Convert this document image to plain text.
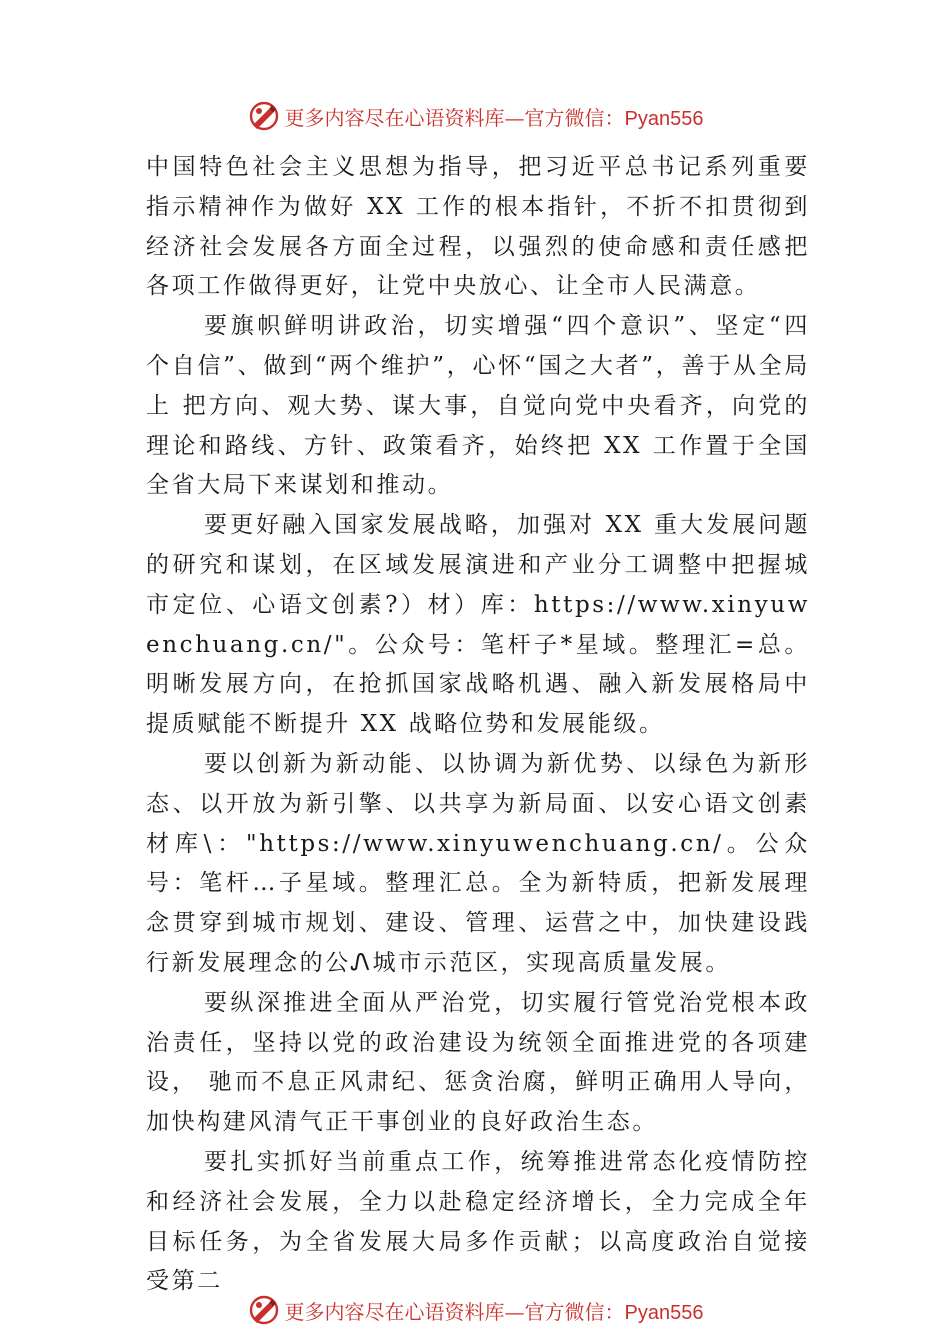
更多内容尽在心语资料库—官方微信：Pyan556

中国特色社会主义思想为指导，把习近平总书记系列重要指示精神作为做好 XX 工作的根本指针，不折不扣贯彻到经济社会发展各方面全过程，以强烈的使命感和责任感把各项工作做得更好，让党中央放心、让全市人民满意。

要旗帜鲜明讲政治，切实增强“四个意识”、坚定“四个自信”、做到“两个维护”，心怀“国之大者”，善于从全局上 把方向、观大势、谋大事，自觉向党中央看齐，向党的理论和路线、方针、政策看齐，始终把 XX 工作置于全国全省大局下来谋划和推动。

要更好融入国家发展战略，加强对 XX 重大发展问题的研究和谋划，在区域发展演进和产业分工调整中把握城市定位、心语文创素?）材）库：https://www.xinyuwenchuang.cn/"。公众号：笔杆子*星域。整理汇=总。明晰发展方向，在抢抓国家战略机遇、融入新发展格局中提质赋能不断提升 XX 战略位势和发展能级。

要以创新为新动能、以协调为新优势、以绿色为新形态、以开放为新引擎、以共享为新局面、以安心语文创素材库\："https://www.xinyuwenchuang.cn/。公众号：笔杆…子星域。整理汇总。全为新特质，把新发展理念贯穿到城市规划、建设、管理、运营之中，加快建设践行新发展理念的公Ꮑ城市示范区，实现高质量发展。

要纵深推进全面从严治党，切实履行管党治党根本政治责任，坚持以党的政治建设为统领全面推进党的各项建设， 驰而不息正风肃纪、惩贪治腐，鲜明正确用人导向，加快构建风清气正干事创业的良好政治生态。

要扎实抓好当前重点工作，统筹推进常态化疫情防控和经济社会发展，全力以赴稳定经济增长，全力完成全年目标任务，为全省发展大局多作贡献；以高度政治自觉接受第二

更多内容尽在心语资料库—官方微信：Pyan556
